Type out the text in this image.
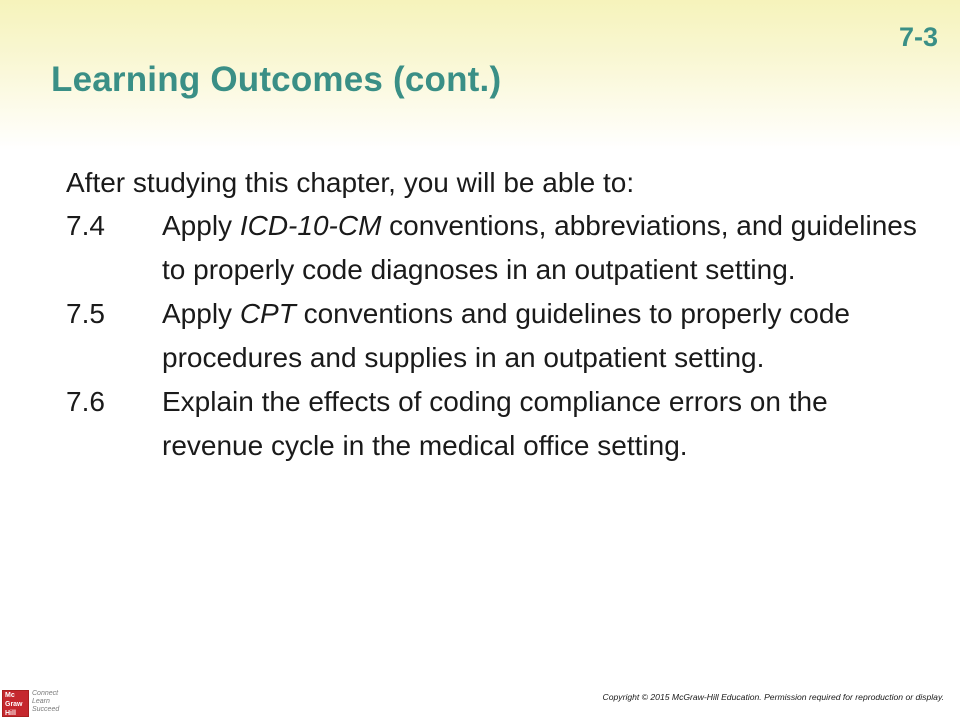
7-3
Learning Outcomes (cont.)

After studying this chapter, you will be able to:

7.4	Apply ICD-10-CM conventions, abbreviations, and guidelines to properly code diagnoses in an outpatient setting.
7.5	Apply CPT conventions and guidelines to properly code procedures and supplies in an outpatient setting.
7.6	Explain the effects of coding compliance errors on the revenue cycle in the medical office setting.
Mc
Graw
Hill
Connect
Learn
Succeed
Copyright © 2015 McGraw-Hill Education. Permission required for reproduction or display.
